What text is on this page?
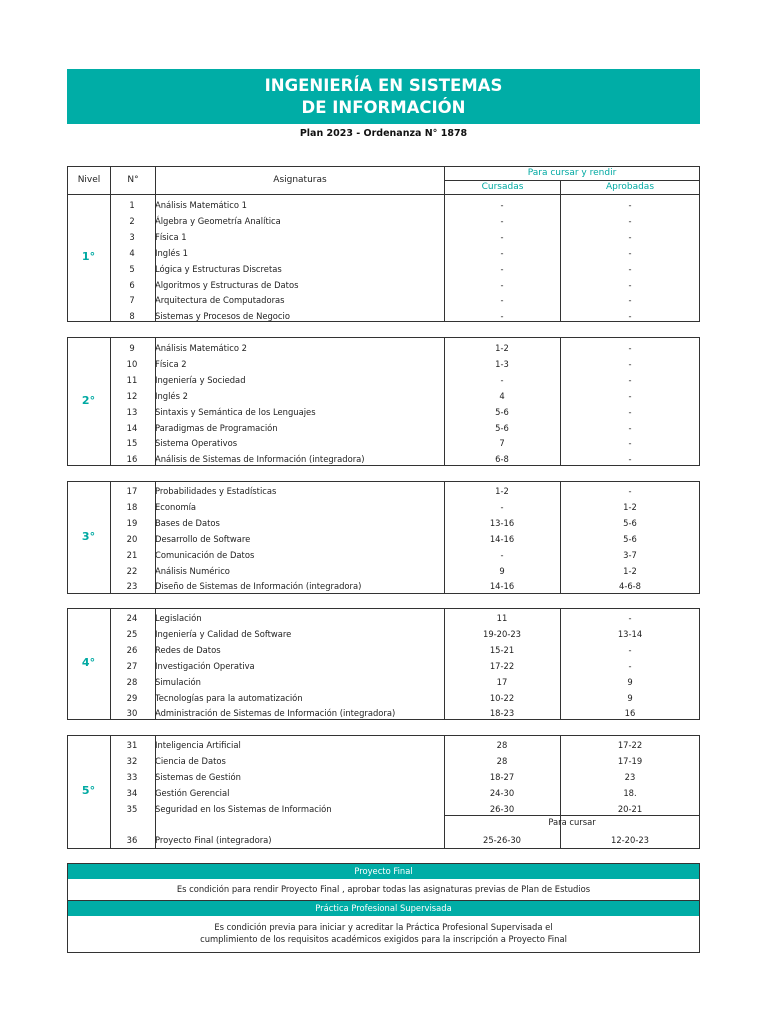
INGENIERÍA EN SISTEMAS
DE INFORMACIÓN
Plan 2023 - Ordenanza N° 1878
Nivel	N°	Asignaturas
Para cursar y rendir
Cursadas	Aprobadas
1°
1	Análisis Matemático 1	-	-
2	Álgebra y Geometría Analítica	-	-
3	Física 1	-	-
4	Inglés 1	-	-
5	Lógica y Estructuras Discretas	-	-
6	Algoritmos y Estructuras de Datos	-	-
7	Arquitectura de Computadoras	-	-
8	Sistemas y Procesos de Negocio	-	-
2°
9	Análisis Matemático 2	1-2	-
10	Física 2	1-3	-
11	Ingeniería y Sociedad	-	-
12	Inglés 2	4	-
13	Sintaxis y Semántica de los Lenguajes	5-6	-
14	Paradigmas de Programación	5-6	-
15	Sistema Operativos	7	-
16	Análisis de Sistemas de Información (integradora)	6-8	-
3°
17	Probabilidades y Estadísticas	1-2	-
18	Economía	-	1-2
19	Bases de Datos	13-16	5-6
20	Desarrollo de Software	14-16	5-6
21	Comunicación de Datos	-	3-7
22	Análisis Numérico	9	1-2
23	Diseño de Sistemas de Información (integradora)	14-16	4-6-8
4°
24	Legislación	11	-
25	Ingeniería y Calidad de Software	19-20-23	13-14
26	Redes de Datos	15-21	-
27	Investigación Operativa	17-22	-
28	Simulación	17	9
29	Tecnologías para la automatización	10-22	9
30	Administración de Sistemas de Información (integradora)	18-23	16
5°
31	Inteligencia Artificial	28	17-22
32	Ciencia de Datos	28	17-19
33	Sistemas de Gestión	18-27	23
34	Gestión Gerencial	24-30	18.
35	Seguridad en los Sistemas de Información	26-30	20-21
36	Proyecto Final (integradora)	25-26-30	12-20-23
Para cursar
Proyecto Final
Es condición para rendir Proyecto Final , aprobar todas las asignaturas previas de Plan de Estudios
Práctica Profesional Supervisada
Es condición previa para iniciar y acreditar la Práctica Profesional Supervisada el
cumplimiento de los requisitos académicos exigidos para la inscripción a Proyecto Final
